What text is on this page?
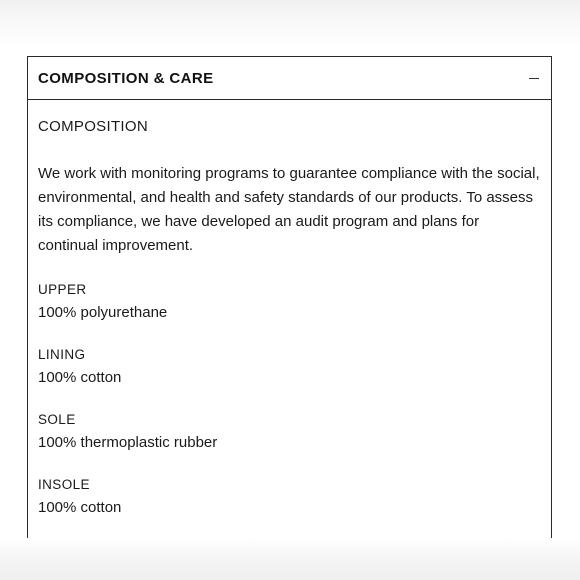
COMPOSITION & CARE
COMPOSITION

We work with monitoring programs to guarantee compliance with the social, environmental, and health and safety standards of our products. To assess its compliance, we have developed an audit program and plans for continual improvement.

UPPER
100% polyurethane
LINING
100% cotton
SOLE
100% thermoplastic rubber
INSOLE
100% cotton
